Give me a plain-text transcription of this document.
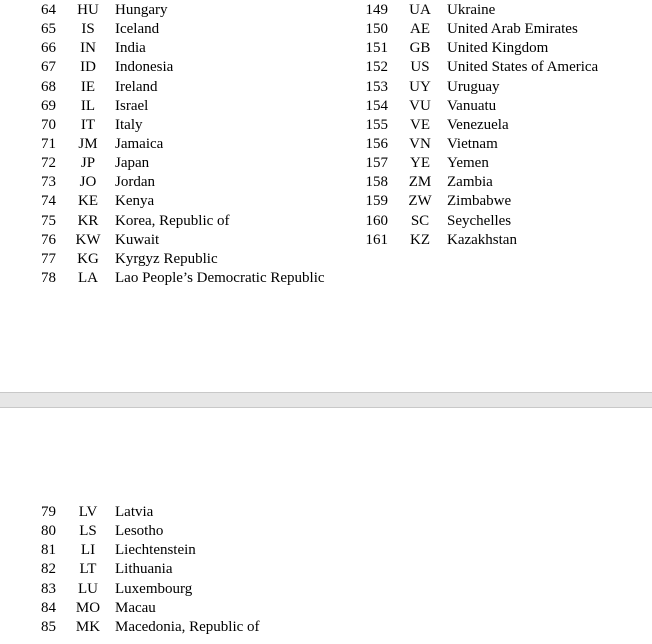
64	HU	Hungary
65	IS	Iceland
66	IN	India
67	ID	Indonesia
68	IE	Ireland
69	IL	Israel
70	IT	Italy
71	JM	Jamaica
72	JP	Japan
73	JO	Jordan
74	KE	Kenya
75	KR	Korea, Republic of
76 KW Kuwait
77	KG	Kyrgyz Republic
78	LA	Lao People’s Democratic Republic
149	UA	Ukraine
150	AE	United Arab Emirates
151	GB	United Kingdom
152	US	United States of America
153	UY	Uruguay
154	VU	Vanuatu
155	VE	Venezuela
156	VN	Vietnam
157	YE	Yemen
158	ZM	Zambia
159 ZW Zimbabwe
160	SC	Seychelles
161	KZ	Kazakhstan
79	LV	Latvia
80	LS	Lesotho
81	LI	Liechtenstein
82	LT	Lithuania
83	LU	Luxembourg
84 MO Macau
85 MK Macedonia, Republic of
